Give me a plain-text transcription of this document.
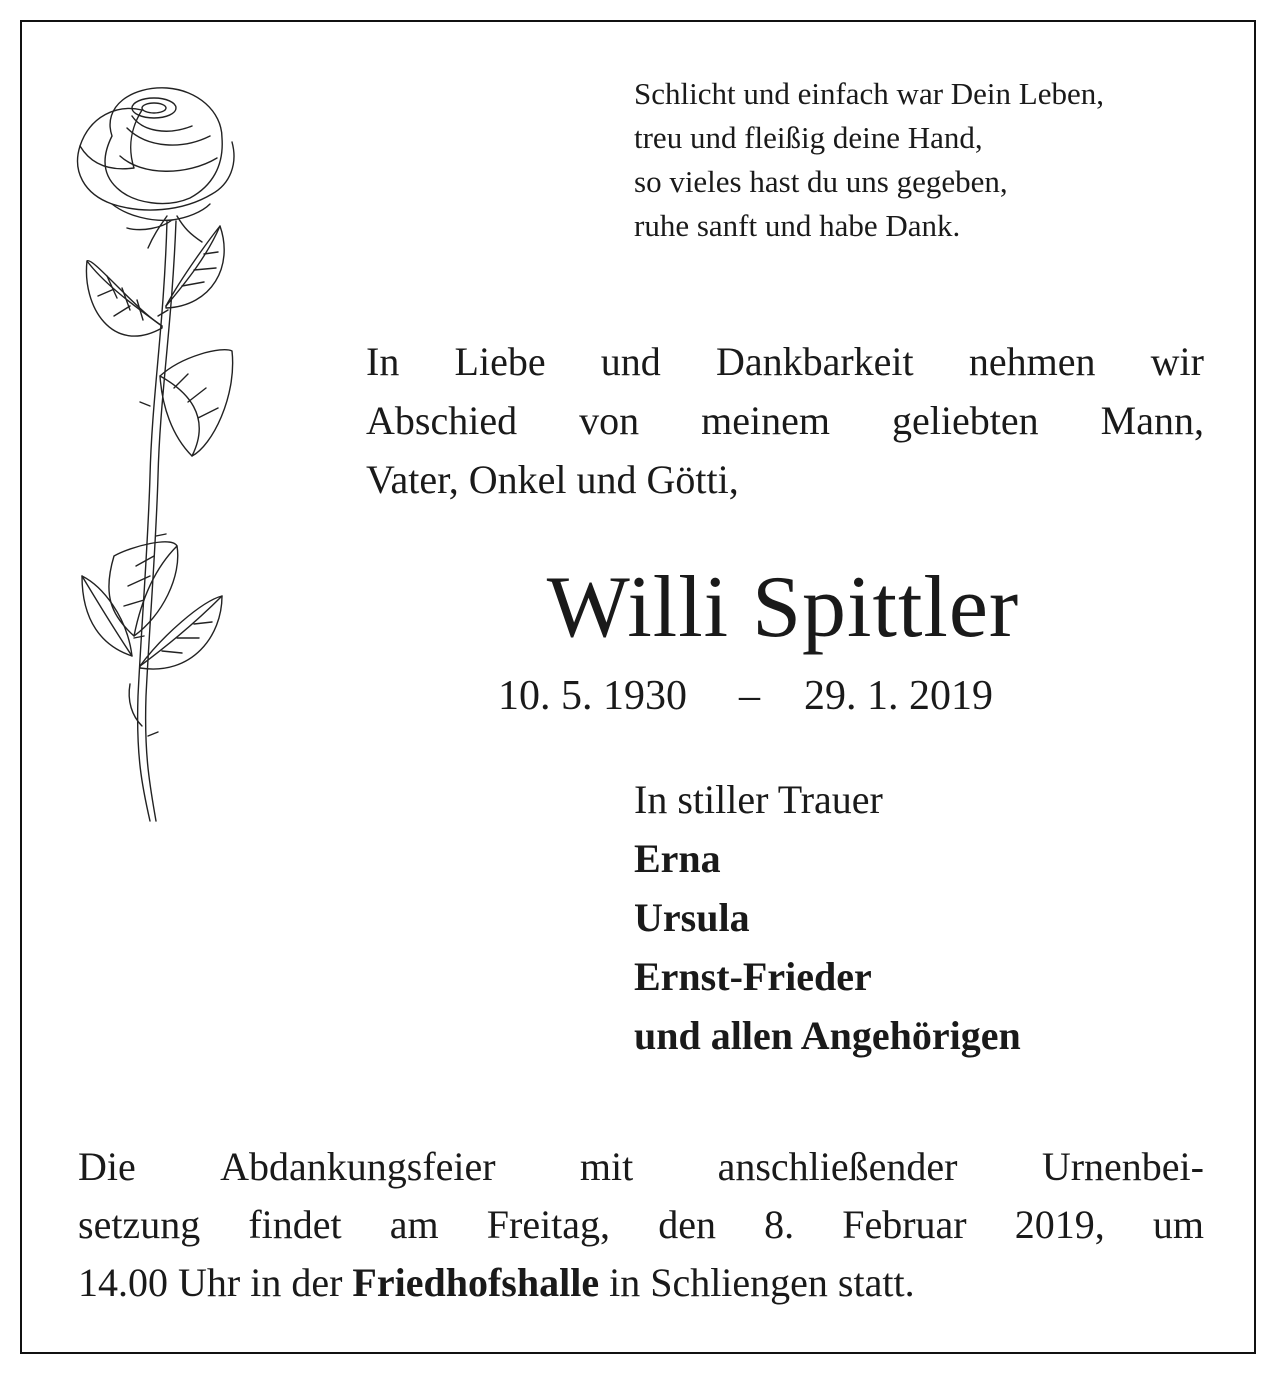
Schlicht und einfach war Dein Leben,
treu und fleißig deine Hand,
so vieles hast du uns gegeben,
ruhe sanft und habe Dank.
In Liebe und Dankbarkeit nehmen wir
Abschied von meinem geliebten Mann,
Vater, Onkel und Götti,
Willi Spittler
10. 5. 1930 – 29. 1. 2019
In stiller Trauer
Erna
Ursula
Ernst-Frieder
und allen Angehörigen
Die Abdankungsfeier mit anschließender Urnenbei-
setzung findet am Freitag, den 8. Februar 2019, um
14.00 Uhr in der Friedhofshalle in Schliengen statt.
